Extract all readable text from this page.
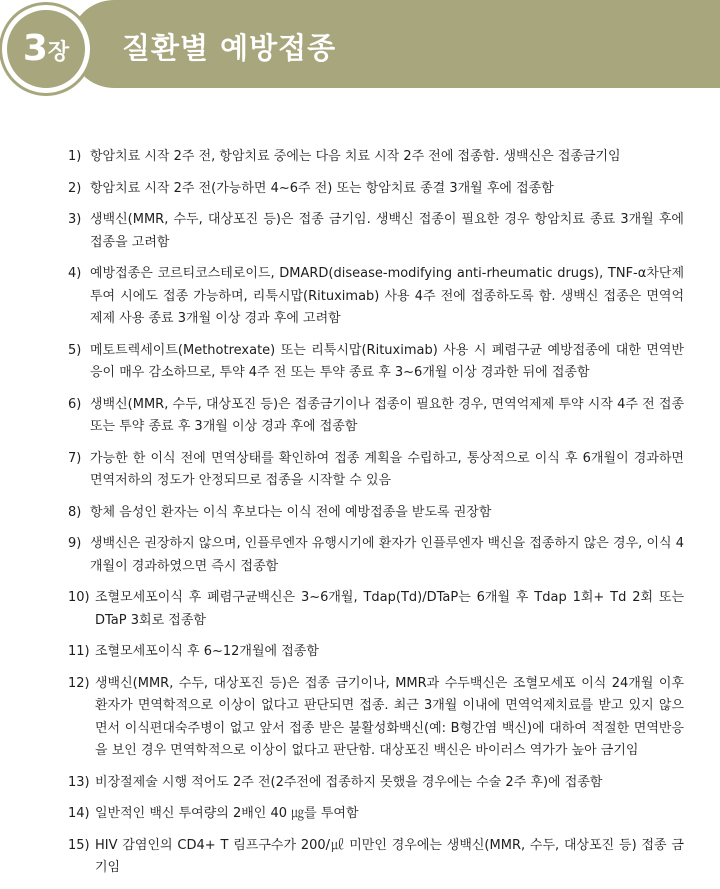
3 장 질환별 예방접종
1) 항암치료 시작 2주 전, 항암치료 중에는 다음 치료 시작 2주 전에 접종함. 생백신은 접종금기임
2) 항암치료 시작 2주 전(가능하면 4~6주 전) 또는 항암치료 종결 3개월 후에 접종함
3) 생백신(MMR, 수두, 대상포진 등)은 접종 금기임. 생백신 접종이 필요한 경우 항암치료 종료 3개월 후에 접종을 고려함
4) 예방접종은 코르티코스테로이드, DMARD(disease-modifying anti-rheumatic drugs), TNF-α차단제 투여 시에도 접종 가능하며, 리툭시맙(Rituximab) 사용 4주 전에 접종하도록 함. 생백신 접종은 면역억제제 사용 종료 3개월 이상 경과 후에 고려함
5) 메토트렉세이트(Methotrexate) 또는 리툭시맙(Rituximab) 사용 시 폐렴구균 예방접종에 대한 면역반응이 매우 감소하므로, 투약 4주 전 또는 투약 종료 후 3~6개월 이상 경과한 뒤에 접종함
6) 생백신(MMR, 수두, 대상포진 등)은 접종금기이나 접종이 필요한 경우, 면역억제제 투약 시작 4주 전 접종 또는 투약 종료 후 3개월 이상 경과 후에 접종함
7) 가능한 한 이식 전에 면역상태를 확인하여 접종 계획을 수립하고, 통상적으로 이식 후 6개월이 경과하면 면역저하의 정도가 안정되므로 접종을 시작할 수 있음
8) 항체 음성인 환자는 이식 후보다는 이식 전에 예방접종을 받도록 권장함
9) 생백신은 권장하지 않으며, 인플루엔자 유행시기에 환자가 인플루엔자 백신을 접종하지 않은 경우, 이식 4개월이 경과하였으면 즉시 접종함
10) 조혈모세포이식 후 폐렴구균백신은 3~6개월, Tdap(Td)/DTaP는 6개월 후 Tdap 1회+ Td 2회 또는 DTaP 3회로 접종함
11) 조혈모세포이식 후 6~12개월에 접종함
12) 생백신(MMR, 수두, 대상포진 등)은 접종 금기이나, MMR과 수두백신은 조혈모세포 이식 24개월 이후 환자가 면역학적으로 이상이 없다고 판단되면 접종. 최근 3개월 이내에 면역억제치료를 받고 있지 않으면서 이식편대숙주병이 없고 앞서 접종 받은 불활성화백신(예: B형간염 백신)에 대하여 적절한 면역반응을 보인 경우 면역학적으로 이상이 없다고 판단함. 대상포진 백신은 바이러스 역가가 높아 금기임
13) 비장절제술 시행 적어도 2주 전(2주전에 접종하지 못했을 경우에는 수술 2주 후)에 접종함
14) 일반적인 백신 투여량의 2배인 40 ㎍를 투여함
15) HIV 감염인의 CD4+ T 림프구수가 200/㎕ 미만인 경우에는 생백신(MMR, 수두, 대상포진 등) 접종 금기임
